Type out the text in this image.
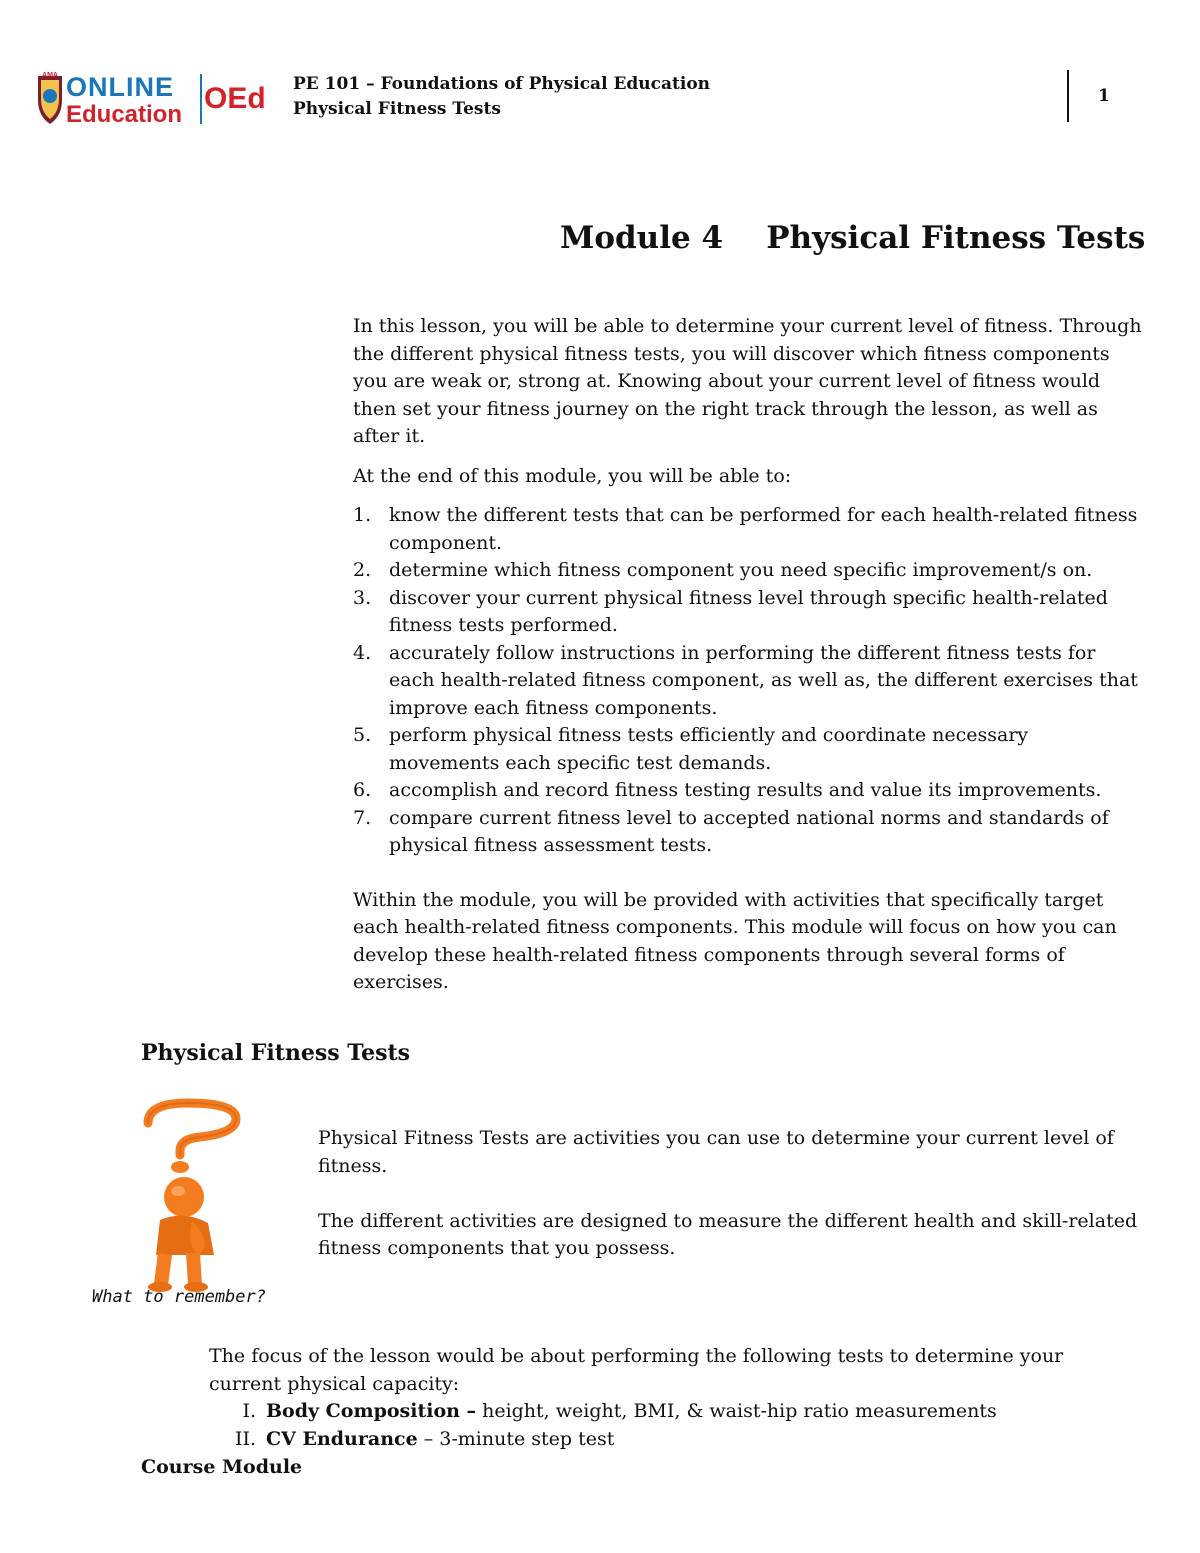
AMA ONLINE
Education OEd PE 101 – Foundations of Physical Education
Physical Fitness Tests
1
Module 4    Physical Fitness Tests

In this lesson, you will be able to determine your current level of fitness. Through the different physical fitness tests, you will discover which fitness components you are weak or, strong at. Knowing about your current level of fitness would then set your fitness journey on the right track through the lesson, as well as after it.

At the end of this module, you will be able to:

1. know the different tests that can be performed for each health-related fitness component.
2. determine which fitness component you need specific improvement/s on.
3. discover your current physical fitness level through specific health-related fitness tests performed.
4. accurately follow instructions in performing the different fitness tests for each health-related fitness component, as well as, the different exercises that improve each fitness components.
5. perform physical fitness tests efficiently and coordinate necessary movements each specific test demands.
6. accomplish and record fitness testing results and value its improvements.
7. compare current fitness level to accepted national norms and standards of physical fitness assessment tests.

Within the module, you will be provided with activities that specifically target each health-related fitness components. This module will focus on how you can develop these health-related fitness components through several forms of exercises.

Physical Fitness Tests
What to remember?

Physical Fitness Tests are activities you can use to determine your current level of fitness.

The different activities are designed to measure the different health and skill-related fitness components that you possess.

The focus of the lesson would be about performing the following tests to determine your current physical capacity:

I. Body Composition – height, weight, BMI, & waist-hip ratio measurements
II. CV Endurance – 3-minute step test
Course Module
